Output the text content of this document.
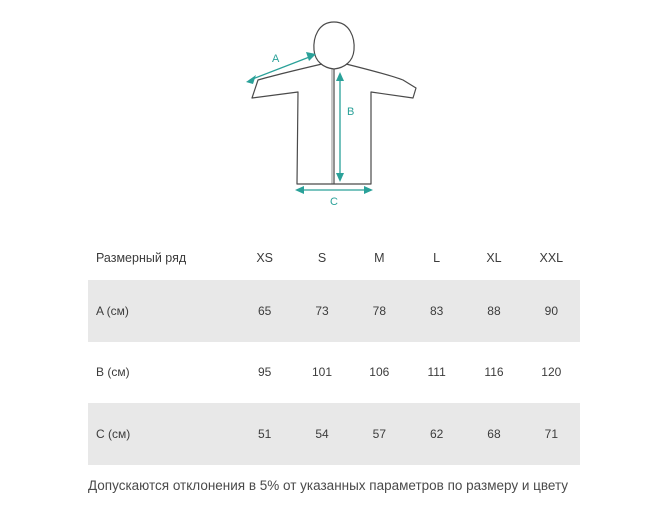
A
B
C
Размерный ряд	XS	S	M	L	XL	XXL
A (см)	65	73	78	83	88	90
B (см)	95	101	106	111	116	120
C (см)	51	54	57	62	68	71
Допускаются отклонения в 5% от указанных параметров по размеру и цвету
